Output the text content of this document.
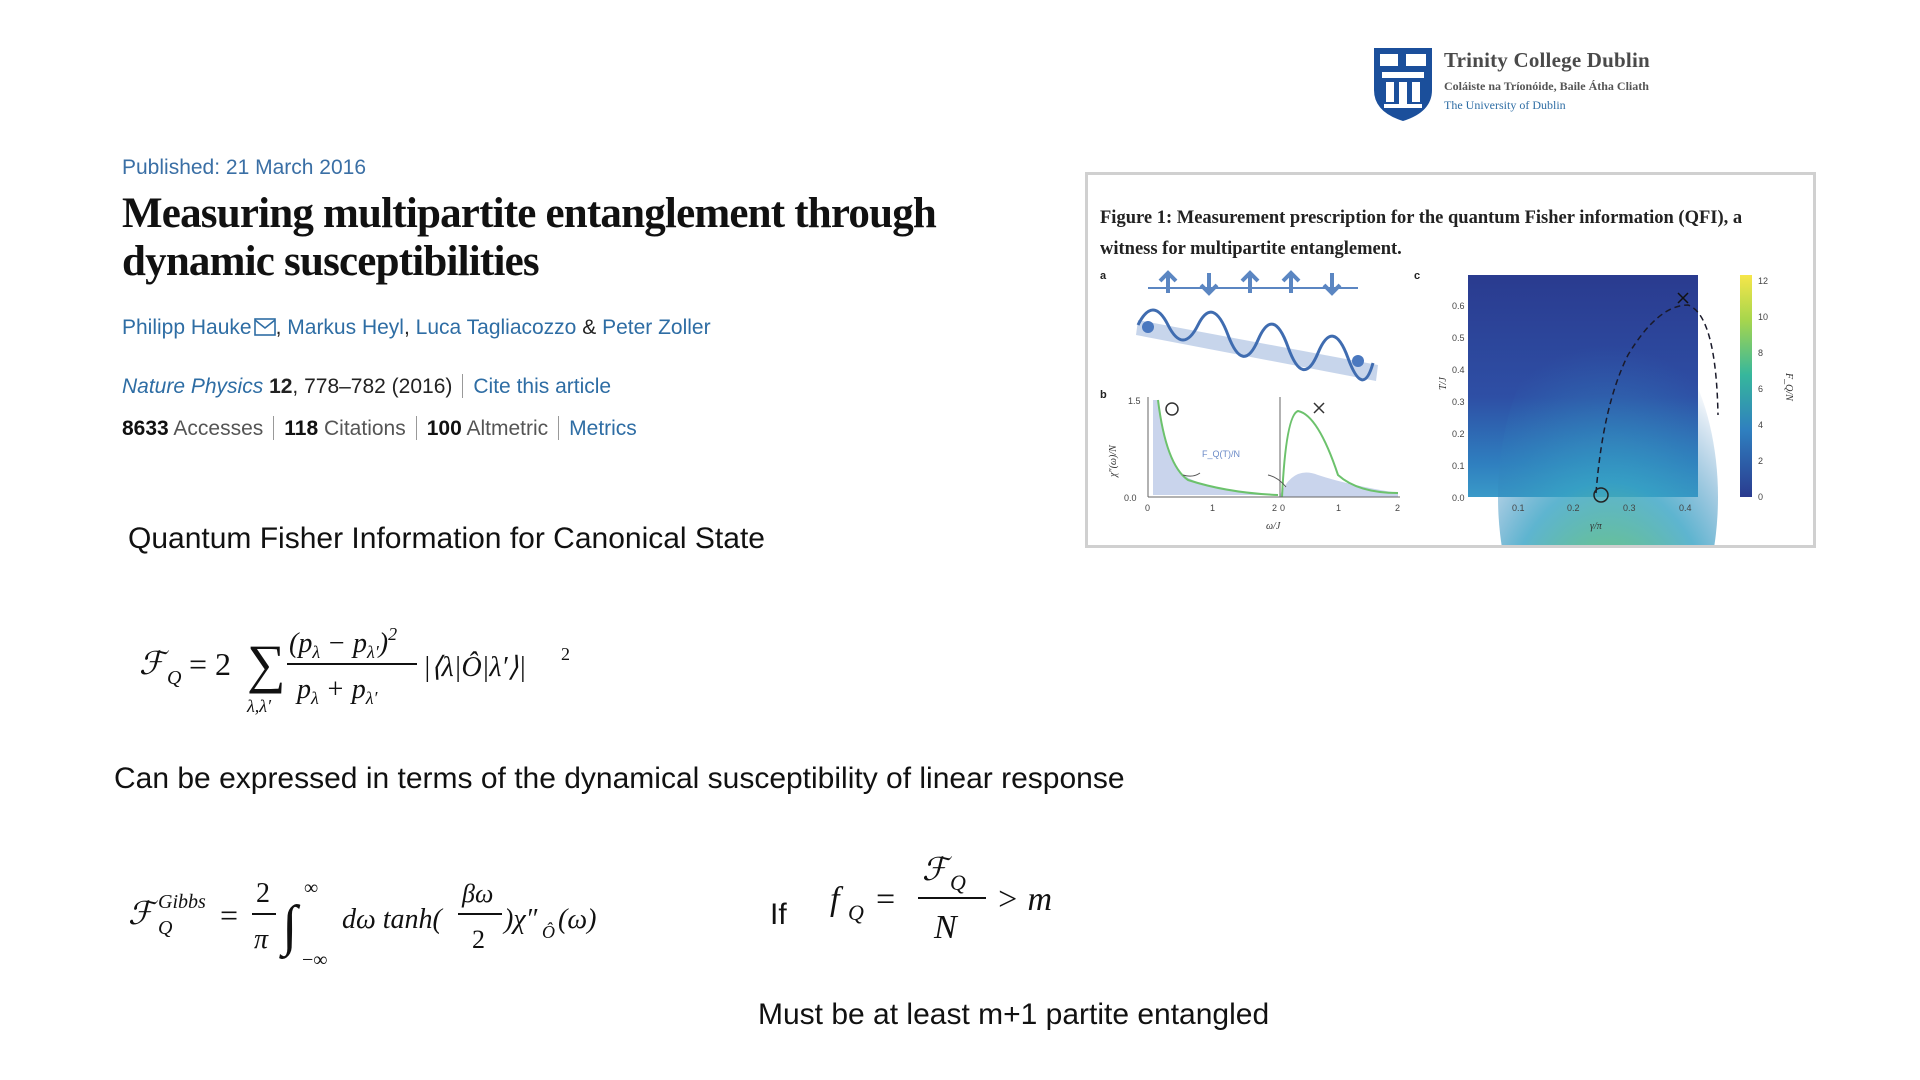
Trinity College Dublin
Coláiste na Tríonóide, Baile Átha Cliath
The University of Dublin
Published: 21 March 2016
Measuring multipartite entanglement through dynamic susceptibilities
Philipp Hauke , Markus Heyl, Luca Tagliacozzo & Peter Zoller
Nature Physics 12, 778–782 (2016) Cite this article
8633 Accesses 118 Citations 100 Altmetric Metrics

Figure 1: Measurement prescription for the quantum Fisher information (QFI), a witness for multipartite entanglement.

a
b
c
F_Q(T)/N
χ″(ω)/N
1.5
0.0
0	1	2 0	1	2
ω/J
T/J
0.6
0.5
0.4
0.3
0.2
0.1
0.0
0.1	0.2	0.3	0.4
γ/π
12
10
8
6
4
2
0
F_Q/N
Quantum Fisher Information for Canonical State
ℱ Q = 2 ∑
λ,λ′
$(p_\lambda - p_{\lambda'})^2$
$p_\lambda + p_{\lambda'}$
|⟨λ|Ô|λ′⟩| 2
Can be expressed in terms of the dynamical susceptibility of linear response
ℱ Gibbs
Q =
2
π ∫
∞
−∞
dω tanh(
βω
2
)χ″ Ô (ω)	If f Q =
ℱ Q
N
> m
Must be at least m+1 partite entangled
